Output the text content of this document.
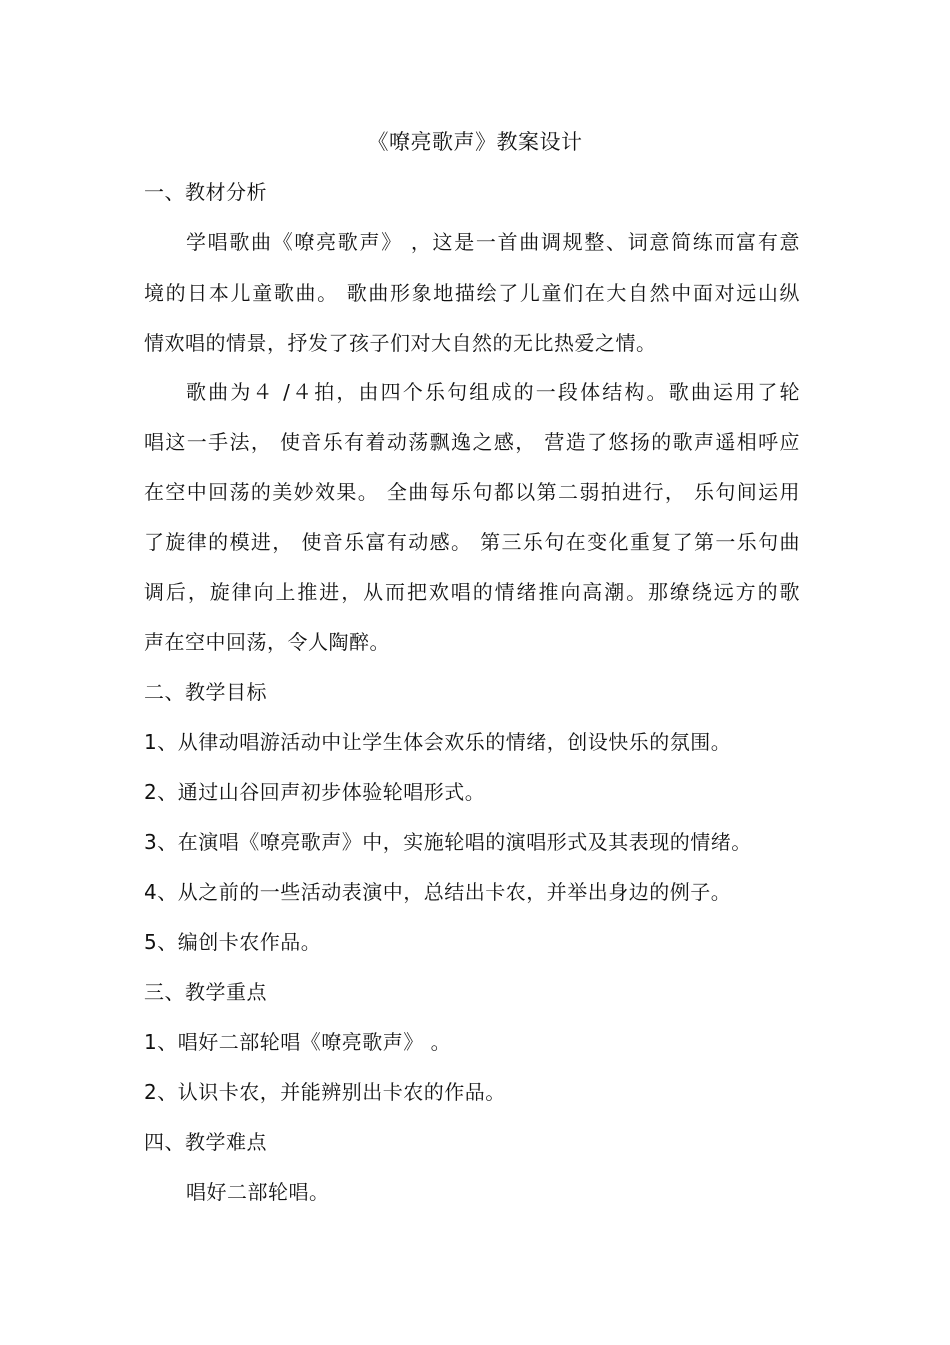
《嘹亮歌声》教案设计
一、教材分析
学唱歌曲《嘹亮歌声》 ，这是一首曲调规整、词意简练而富有意
境的日本儿童歌曲。 歌曲形象地描绘了儿童们在大自然中面对远山纵
情欢唱的情景，抒发了孩子们对大自然的无比热爱之情。
歌曲为４ /４拍，由四个乐句组成的一段体结构。歌曲运用了轮
唱这一手法， 使音乐有着动荡飘逸之感， 营造了悠扬的歌声遥相呼应
在空中回荡的美妙效果。 全曲每乐句都以第二弱拍进行， 乐句间运用
了旋律的模进， 使音乐富有动感。 第三乐句在变化重复了第一乐句曲
调后，旋律向上推进，从而把欢唱的情绪推向高潮。那缭绕远方的歌
声在空中回荡，令人陶醉。
二、教学目标
1、从律动唱游活动中让学生体会欢乐的情绪，创设快乐的氛围。
2、通过山谷回声初步体验轮唱形式。
3、在演唱《嘹亮歌声》中，实施轮唱的演唱形式及其表现的情绪。
4、从之前的一些活动表演中，总结出卡农，并举出身边的例子。
5、编创卡农作品。
三、教学重点
1、唱好二部轮唱《嘹亮歌声》 。
2、认识卡农，并能辨别出卡农的作品。
四、教学难点
唱好二部轮唱。
